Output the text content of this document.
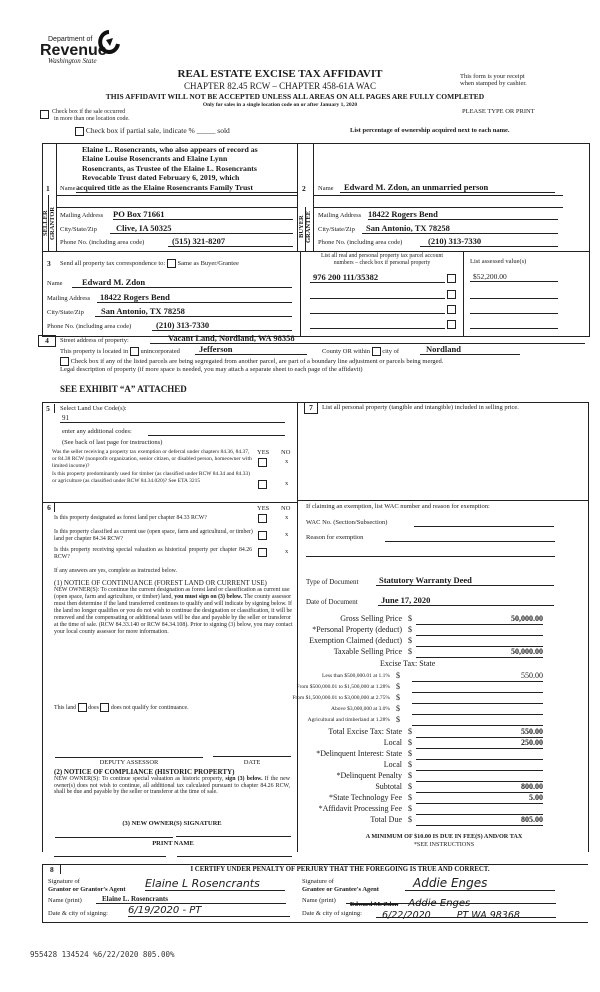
Department of
Revenue
Washington State
REAL ESTATE EXCISE TAX AFFIDAVIT
CHAPTER 82.45 RCW – CHAPTER 458-61A WAC
THIS AFFIDAVIT WILL NOT BE ACCEPTED UNLESS ALL AREAS ON ALL PAGES ARE FULLY COMPLETED
Only for sales in a single location code on or after January 1, 2020
This form is your receipt
when stamped by cashier.
PLEASE TYPE OR PRINT
Check box if the sale occurred
in more than one location code.
Check box if partial sale, indicate % _____ sold	List percentage of ownership acquired next to each name.
SELLER GRANTOR
1 Name
Elaine L. Rosencrants, who also appears of record as
Elaine Louise Rosencrants and Elaine Lynn
Rosencrants, as Trustee of the Elaine L. Rosencrants
Revocable Trust dated February 6, 2019, which
acquired title as the Elaine Rosencrants Family Trust
Mailing Address PO Box 71661
City/State/Zip	Clive, IA 50325
Phone No. (including area code)	(515) 321-8207
BUYER GRANTEE
2 Name	Edward M. Zdon, an unmarried person
Mailing Address 18422 Rogers Bend
City/State/Zip	San Antonio, TX 78258
Phone No. (including area code)	(210) 313-7330
3 Send all property tax correspondence to: Same as Buyer/Grantee
Name	Edward M. Zdon
Mailing Address	18422 Rogers Bend
City/State/Zip	San Antonio, TX 78258
Phone No. (including area code)	(210) 313-7330
List all real and personal property tax parcel account
numbers – check box if personal property	List assessed value(s)
976 200 111/35382	$52,200.00
4	Street address of property:	Vacant Land, Nordland, WA 98358
This property is located in unincorporated	Jefferson	County OR within city of	Nordland
Check box if any of the listed parcels are being segregated from another parcel, are part of a boundary line adjustment or parcels being merged.
Legal description of property (if more space is needed, you may attach a separate sheet to each page of the affidavit)
SEE EXHIBIT “A” ATTACHED
5	Select Land Use Code(s):
91
enter any additional codes:
(See back of last page for instructions)
YES NO
Was the seller receiving a property tax exemption or deferral under chapters 84.36, 84.37, or 84.38 RCW (nonprofit organization, senior citizen, or disabled person, homeowner with limited income)?
x
Is this property predominantly used for timber (as classified under RCW 84.34 and 84.33) or agriculture (as classified under RCW 84.34.020)? See ETA 3215	x
6	YES NO
Is this property designated as forest land per chapter 84.33 RCW?	x
Is this property classified as current use (open space, farm and agricultural, or timber) land per chapter 84.34 RCW?
x
Is this property receiving special valuation as historical property per chapter 84.26 RCW?
x
If any answers are yes, complete as instructed below.
(1) NOTICE OF CONTINUANCE (FOREST LAND OR CURRENT USE)
NEW OWNER(S): To continue the current designation as forest land or classification as current use (open space, farm and agriculture, or timber) land, you must sign on (3) below. The county assessor must then determine if the land transferred continues to qualify and will indicate by signing below. If the land no longer qualifies or you do not wish to continue the designation or classification, it will be removed and the compensating or additional taxes will be due and payable by the seller or transferor at the time of sale. (RCW 84.33.140 or RCW 84.34.108). Prior to signing (3) below, you may contact your local county assessor for more information.
This land does does not qualify for continuance.
DEPUTY ASSESSOR	DATE
(2) NOTICE OF COMPLIANCE (HISTORIC PROPERTY)
NEW OWNER(S): To continue special valuation as historic property, sign (3) below. If the new owner(s) does not wish to continue, all additional tax calculated pursuant to chapter 84.26 RCW, shall be due and payable by the seller or transferor at the time of sale.
(3) NEW OWNER(S) SIGNATURE
PRINT NAME
7	List all personal property (tangible and intangible) included in selling price.
If claiming an exemption, list WAC number and reason for exemption:
WAC No. (Section/Subsection)
Reason for exemption
Type of Document	Statutory Warranty Deed
Date of Document	June 17, 2020
Gross Selling Price $	50,000.00
*Personal Property (deduct) $
Exemption Claimed (deduct) $
Taxable Selling Price $	50,000.00
Excise Tax: State
Less than $500,000.01 at 1.1% $	550.00
From $500,000.01 to $1,500,000 at 1.28% $
From $1,500,000.01 to $3,000,000 at 2.75% $
Above $3,000,000 at 3.0% $
Agricultural and timberland at 1.28% $
Total Excise Tax: State $	550.00
Local $	250.00
*Delinquent Interest: State $
Local $
*Delinquent Penalty $
Subtotal $	800.00
*State Technology Fee $	5.00
*Affidavit Processing Fee $
Total Due $	805.00
A MINIMUM OF $10.00 IS DUE IN FEE(S) AND/OR TAX
*SEE INSTRUCTIONS
8	I CERTIFY UNDER PENALTY OF PERJURY THAT THE FOREGOING IS TRUE AND CORRECT.
Signature of
Grantor or Grantor's Agent Elaine L Rosencrants
Name (print)	Elaine L. Rosencrants
Date & city of signing: 6/19/2020 - PT
Signature of
Grantee or Grantee's Agent	Addie Enges
Name (print)
Edward M. Zdon Addie Enges
Date & city of signing:	6/22/2020	PT WA 98368
955428 134524 %6/22/2020 805.00%
